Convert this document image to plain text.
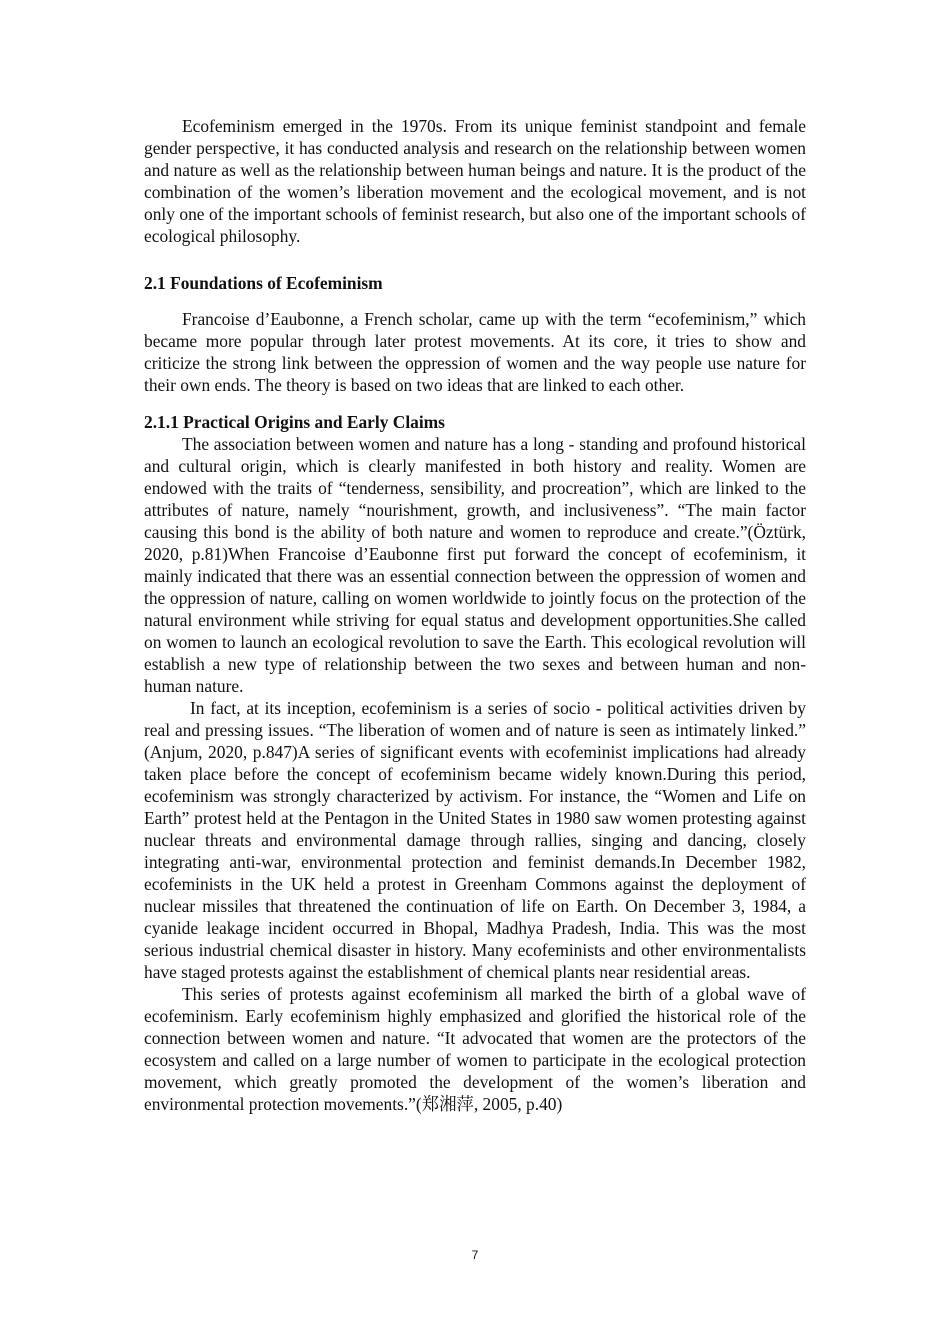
Ecofeminism emerged in the 1970s. From its unique feminist standpoint and female gender perspective, it has conducted analysis and research on the relationship between women and nature as well as the relationship between human beings and nature. It is the product of the combination of the women’s liberation movement and the ecological movement, and is not only one of the important schools of feminist research, but also one of the important schools of ecological philosophy.

2.1 Foundations of Ecofeminism

Francoise d’Eaubonne, a French scholar, came up with the term “ecofeminism,” which became more popular through later protest movements. At its core, it tries to show and criticize the strong link between the oppression of women and the way people use nature for their own ends. The theory is based on two ideas that are linked to each other.

2.1.1 Practical Origins and Early Claims

The association between women and nature has a long - standing and profound historical and cultural origin, which is clearly manifested in both history and reality. Women are endowed with the traits of “tenderness, sensibility, and procreation”, which are linked to the attributes of nature, namely “nourishment, growth, and inclusiveness”. “The main factor causing this bond is the ability of both nature and women to reproduce and create.”(Öztürk, 2020, p.81)When Francoise d’Eaubonne first put forward the concept of ecofeminism, it mainly indicated that there was an essential connection between the oppression of women and the oppression of nature, calling on women worldwide to jointly focus on the protection of the natural environment while striving for equal status and development opportunities.She called on women to launch an ecological revolution to save the Earth. This ecological revolution will establish a new type of relationship between the two sexes and between human and non-human nature.

In fact, at its inception, ecofeminism is a series of socio - political activities driven by real and pressing issues. “The liberation of women and of nature is seen as intimately linked.” (Anjum, 2020, p.847)A series of significant events with ecofeminist implications had already taken place before the concept of ecofeminism became widely known.During this period, ecofeminism was strongly characterized by activism. For instance, the “Women and Life on Earth” protest held at the Pentagon in the United States in 1980 saw women protesting against nuclear threats and environmental damage through rallies, singing and dancing, closely integrating anti-war, environmental protection and feminist demands.In December 1982, ecofeminists in the UK held a protest in Greenham Commons against the deployment of nuclear missiles that threatened the continuation of life on Earth. On December 3, 1984, a cyanide leakage incident occurred in Bhopal, Madhya Pradesh, India. This was the most serious industrial chemical disaster in history. Many ecofeminists and other environmentalists have staged protests against the establishment of chemical plants near residential areas.

This series of protests against ecofeminism all marked the birth of a global wave of ecofeminism. Early ecofeminism highly emphasized and glorified the historical role of the connection between women and nature. “It advocated that women are the protectors of the ecosystem and called on a large number of women to participate in the ecological protection movement, which greatly promoted the development of the women’s liberation and environmental protection movements.”(郑湘萍, 2005, p.40)

7
